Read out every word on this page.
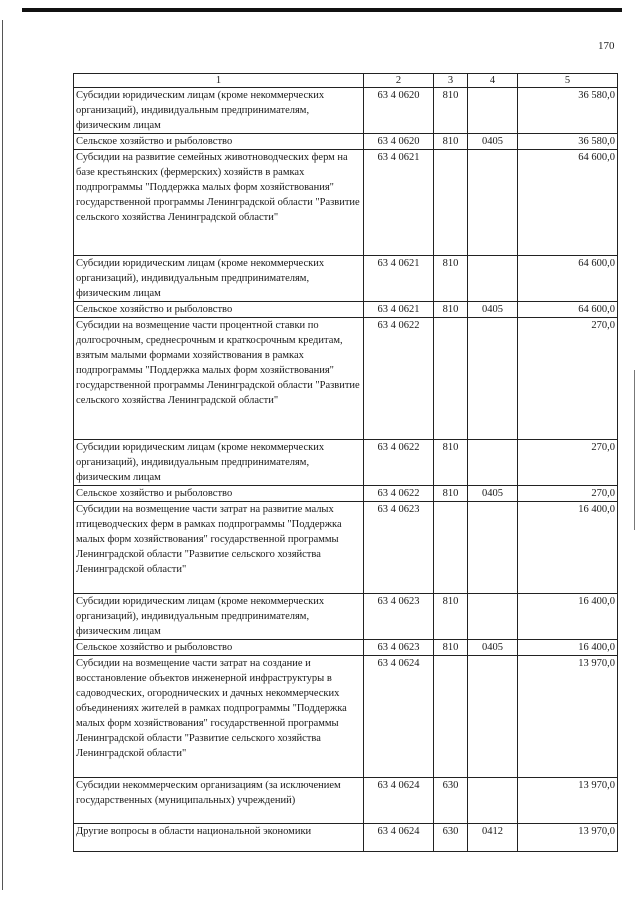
170
1	2	3	4	5
Субсидии юридическим лицам (кроме некоммерческих организаций), индивидуальным предпринимателям, физическим лицам	63 4 0620	810		36 580,0
Сельское хозяйство и рыболовство	63 4 0620	810	0405	36 580,0
Субсидии на развитие семейных животноводческих ферм на базе крестьянских (фермерских) хозяйств в рамках подпрограммы "Поддержка малых форм хозяйствования" государственной программы Ленинградской области "Развитие сельского хозяйства Ленинградской области"	63 4 0621			64 600,0
Субсидии юридическим лицам (кроме некоммерческих организаций), индивидуальным предпринимателям, физическим лицам	63 4 0621	810		64 600,0
Сельское хозяйство и рыболовство	63 4 0621	810	0405	64 600,0
Субсидии на возмещение части процентной ставки по долгосрочным, среднесрочным и краткосрочным кредитам, взятым малыми формами хозяйствования в рамках подпрограммы "Поддержка малых форм хозяйствования" государственной программы Ленинградской области "Развитие сельского хозяйства Ленинградской области"	63 4 0622			270,0
Субсидии юридическим лицам (кроме некоммерческих организаций), индивидуальным предпринимателям, физическим лицам	63 4 0622	810		270,0
Сельское хозяйство и рыболовство	63 4 0622	810	0405	270,0
Субсидии на возмещение части затрат на развитие малых птицеводческих ферм в рамках подпрограммы "Поддержка малых форм хозяйствования" государственной программы Ленинградской области "Развитие сельского хозяйства Ленинградской области"	63 4 0623			16 400,0
Субсидии юридическим лицам (кроме некоммерческих организаций), индивидуальным предпринимателям, физическим лицам	63 4 0623	810		16 400,0
Сельское хозяйство и рыболовство	63 4 0623	810	0405	16 400,0
Субсидии на возмещение части затрат на создание и восстановление объектов инженерной инфраструктуры в садоводческих, огороднических и дачных некоммерческих объединениях жителей в рамках подпрограммы "Поддержка малых форм хозяйствования" государственной программы Ленинградской области "Развитие сельского хозяйства Ленинградской области"	63 4 0624			13 970,0
Субсидии некоммерческим организациям (за исключением государственных (муниципальных) учреждений)	63 4 0624	630		13 970,0
Другие вопросы в области национальной экономики	63 4 0624	630	0412	13 970,0
